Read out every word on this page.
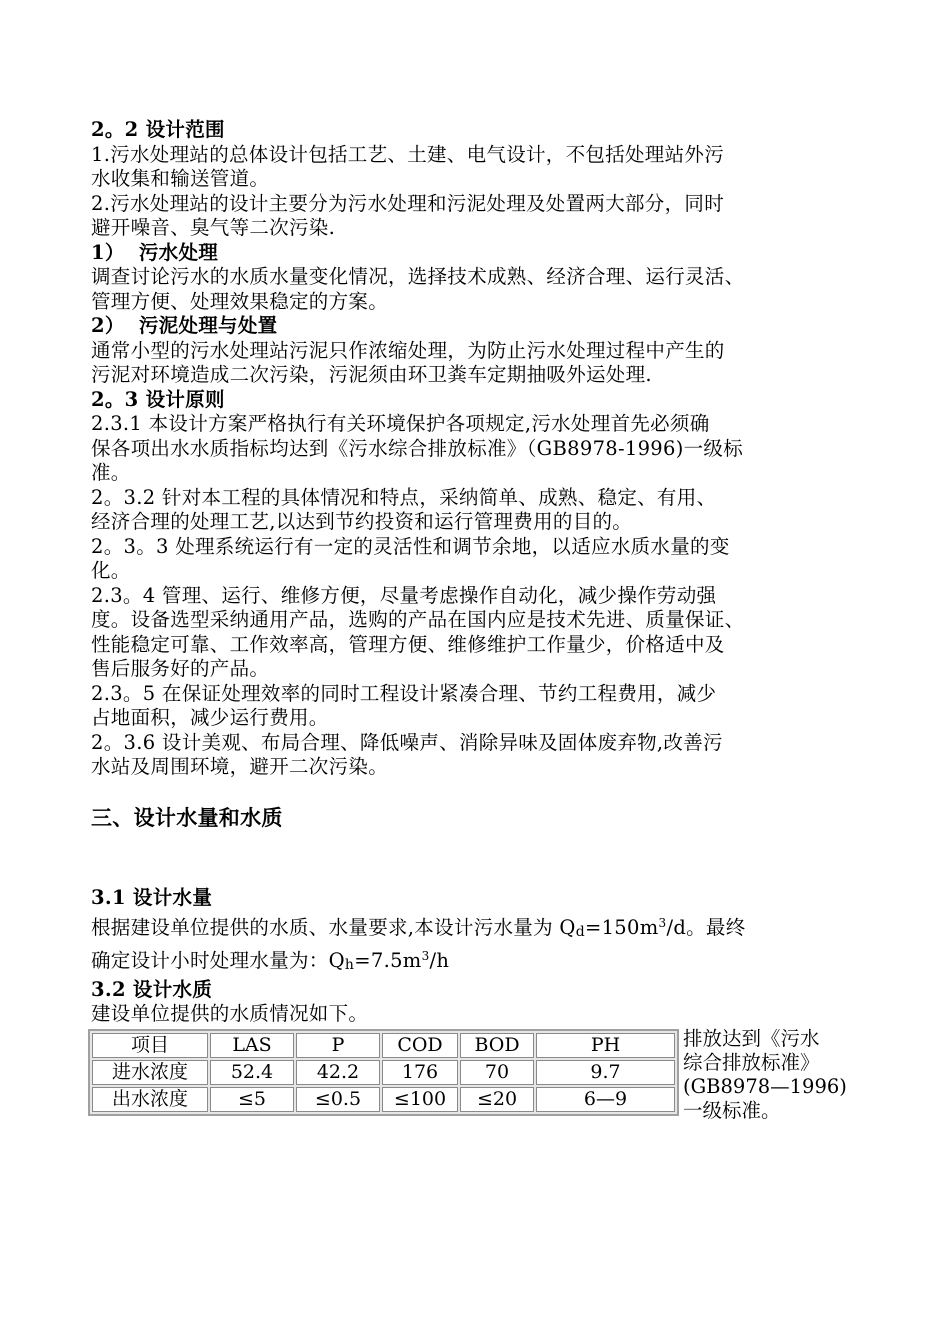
2。2 设计范围
1.污水处理站的总体设计包括工艺、土建、电气设计，不包括处理站外污
水收集和输送管道。
2.污水处理站的设计主要分为污水处理和污泥处理及处置两大部分，同时
避开噪音、臭气等二次污染.
1）  污水处理
调查讨论污水的水质水量变化情况，选择技术成熟、经济合理、运行灵活、
管理方便、处理效果稳定的方案。
2）  污泥处理与处置
通常小型的污水处理站污泥只作浓缩处理，为防止污水处理过程中产生的
污泥对环境造成二次污染，污泥须由环卫粪车定期抽吸外运处理.
2。3 设计原则
2.3.1 本设计方案严格执行有关环境保护各项规定,污水处理首先必须确
保各项出水水质指标均达到《污水综合排放标准》（GB8978-1996)一级标
准。
2。3.2 针对本工程的具体情况和特点，采纳简单、成熟、稳定、有用、
经济合理的处理工艺,以达到节约投资和运行管理费用的目的。
2。3。3 处理系统运行有一定的灵活性和调节余地，以适应水质水量的变
化。
2.3。4 管理、运行、维修方便，尽量考虑操作自动化，减少操作劳动强
度。设备选型采纳通用产品，选购的产品在国内应是技术先进、质量保证、
性能稳定可靠、工作效率高，管理方便、维修维护工作量少，价格适中及
售后服务好的产品。
2.3。5 在保证处理效率的同时工程设计紧凑合理、节约工程费用，减少
占地面积，减少运行费用。
2。3.6 设计美观、布局合理、降低噪声、消除异味及固体废弃物,改善污
水站及周围环境，避开二次污染。
三、设计水量和水质
3.1 设计水量
根据建设单位提供的水质、水量要求,本设计污水量为 $Qd=150m^3/d$。最终
确定设计小时处理水量为：$Qh=7.5m^3/h$
3.2 设计水质
建设单位提供的水质情况如下。
项目	LAS	P	COD	BOD	PH
进水浓度	52.4	42.2	176	70	9.7
出水浓度	≤5	≤0.5	≤100	≤20	6—9
排放达到《污水
综合排放标准》
(GB8978—1996)
一级标准。
